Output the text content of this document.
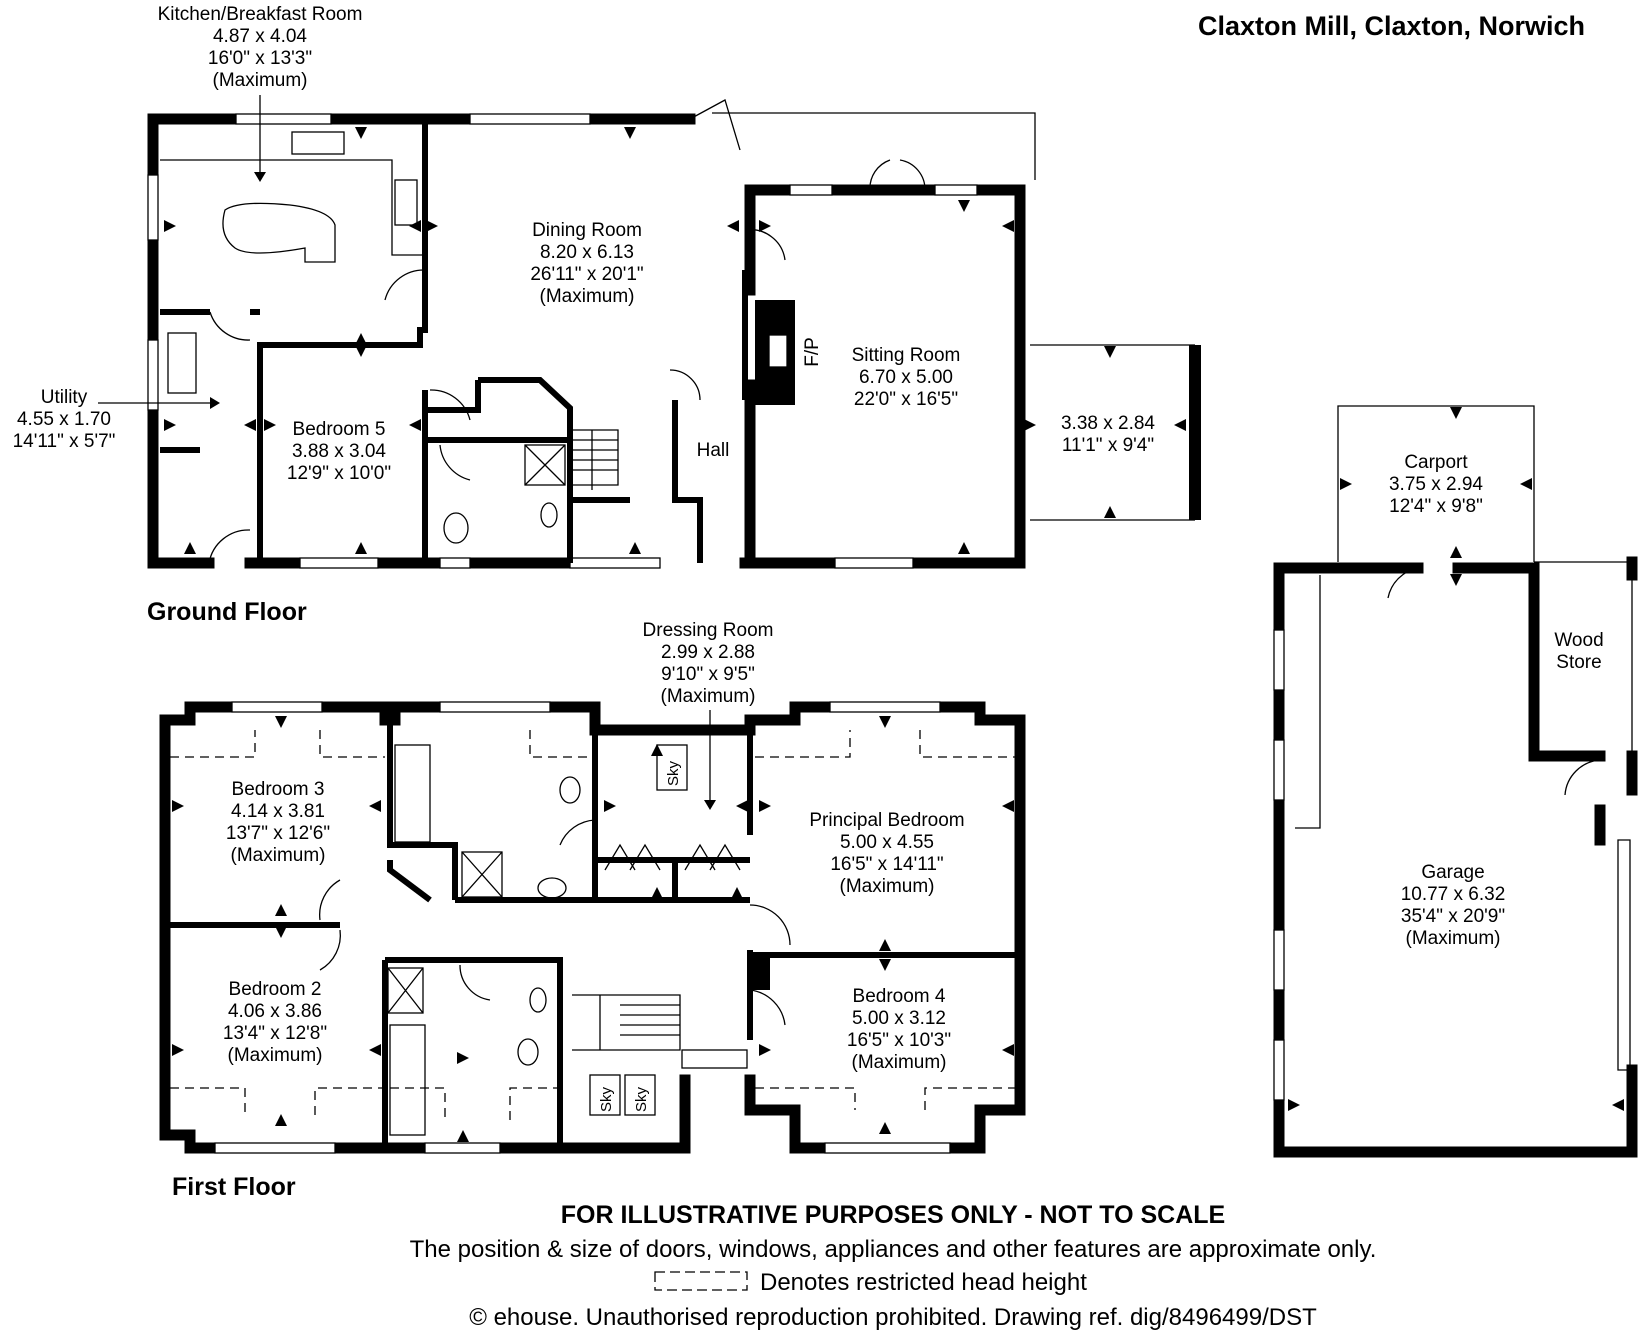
Claxton Mill, Claxton, Norwich
Kitchen/Breakfast Room
4.87 x 4.04
16'0" x 13'3"
(Maximum)
Dining Room
8.20 x 6.13
26'11" x 20'1"
(Maximum)
Sitting Room
6.70 x 5.00
22'0" x 16'5"
F/P
3.38 x 2.84
11'1" x 9'4"
Utility
4.55 x 1.70
14'11" x 5'7"
Bedroom 5
3.88 x 3.04
12'9" x 10'0"
Hall
Ground Floor
Sky Sky
Sky
Dressing Room
2.99 x 2.88
9'10" x 9'5"
(Maximum)
Bedroom 3
4.14 x 3.81
13'7" x 12'6"
(Maximum)
Bedroom 2
4.06 x 3.86
13'4" x 12'8"
(Maximum)
Principal Bedroom
5.00 x 4.55
16'5" x 14'11"
(Maximum)
Bedroom 4
5.00 x 3.12
16'5" x 10'3"
(Maximum)
First Floor
Carport
3.75 x 2.94
12'4" x 9'8"
Wood
Store
Garage
10.77 x 6.32
35'4" x 20'9"
(Maximum)
FOR ILLUSTRATIVE PURPOSES ONLY - NOT TO SCALE
The position & size of doors, windows, appliances and other features are approximate only.
Denotes restricted head height
© ehouse. Unauthorised reproduction prohibited. Drawing ref. dig/8496499/DST
